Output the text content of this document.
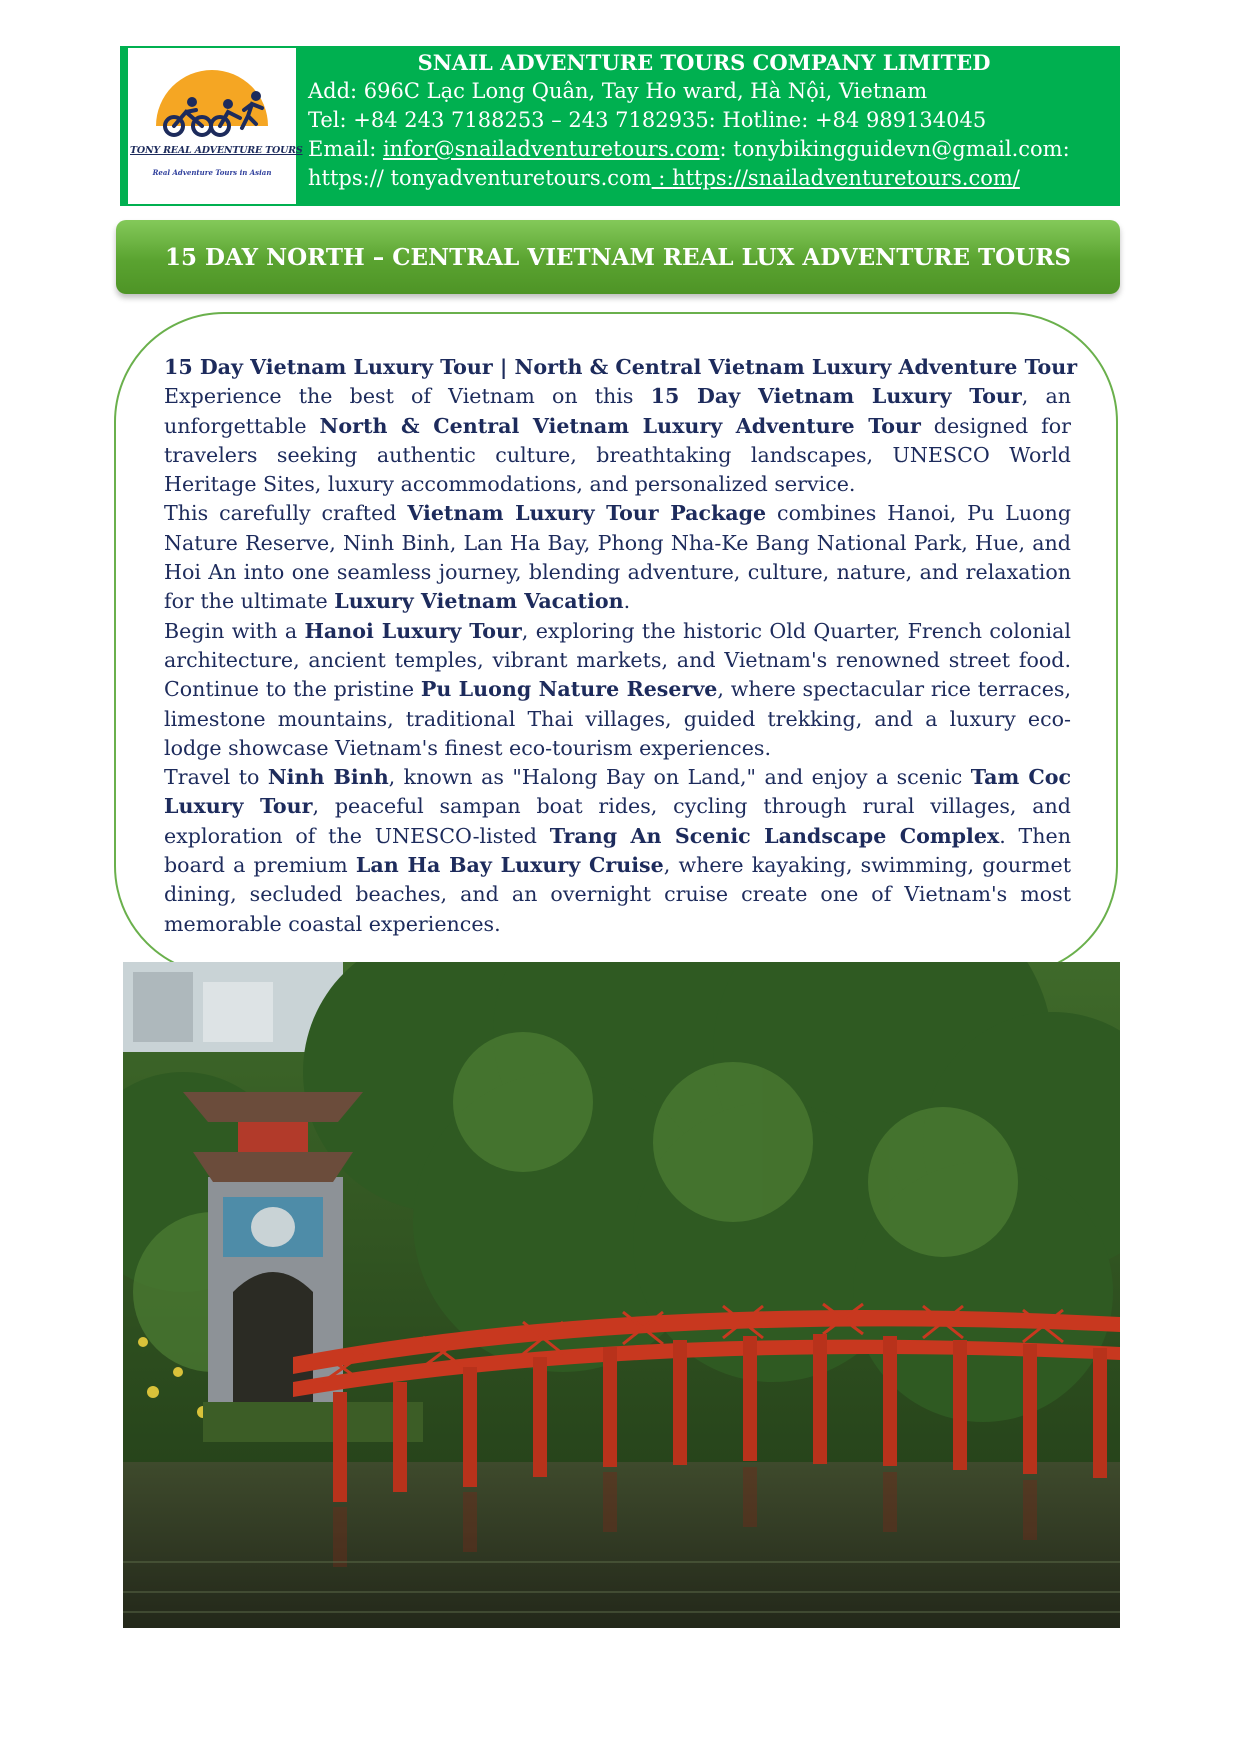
TONY REAL ADVENTURE TOURS
Real Adventure Tours in Asian
SNAIL ADVENTURE TOURS COMPANY LIMITED
Add: 696C Lạc Long Quân, Tay Ho ward, Hà Nội, Vietnam
Tel: +84 243 7188253 – 243 7182935: Hotline: +84 989134045
Email: infor@snailadventuretours.com: tonybikingguidevn@gmail.com:
https:// tonyadventuretours.com : https://snailadventuretours.com/
15 DAY NORTH – CENTRAL VIETNAM REAL LUX ADVENTURE TOURS

15 Day Vietnam Luxury Tour | North & Central Vietnam Luxury Adventure Tour

Experience the best of Vietnam on this 15 Day Vietnam Luxury Tour, an unforgettable North & Central Vietnam Luxury Adventure Tour designed for travelers seeking authentic culture, breathtaking landscapes, UNESCO World Heritage Sites, luxury accommodations, and personalized service.

This carefully crafted Vietnam Luxury Tour Package combines Hanoi, Pu Luong Nature Reserve, Ninh Binh, Lan Ha Bay, Phong Nha-Ke Bang National Park, Hue, and Hoi An into one seamless journey, blending adventure, culture, nature, and relaxation for the ultimate Luxury Vietnam Vacation.

Begin with a Hanoi Luxury Tour, exploring the historic Old Quarter, French colonial architecture, ancient temples, vibrant markets, and Vietnam's renowned street food. Continue to the pristine Pu Luong Nature Reserve, where spectacular rice terraces, limestone mountains, traditional Thai villages, guided trekking, and a luxury eco-lodge showcase Vietnam's finest eco-tourism experiences.

Travel to Ninh Binh, known as "Halong Bay on Land," and enjoy a scenic Tam Coc Luxury Tour, peaceful sampan boat rides, cycling through rural villages, and exploration of the UNESCO-listed Trang An Scenic Landscape Complex. Then board a premium Lan Ha Bay Luxury Cruise, where kayaking, swimming, gourmet dining, secluded beaches, and an overnight cruise create one of Vietnam's most memorable coastal experiences.
